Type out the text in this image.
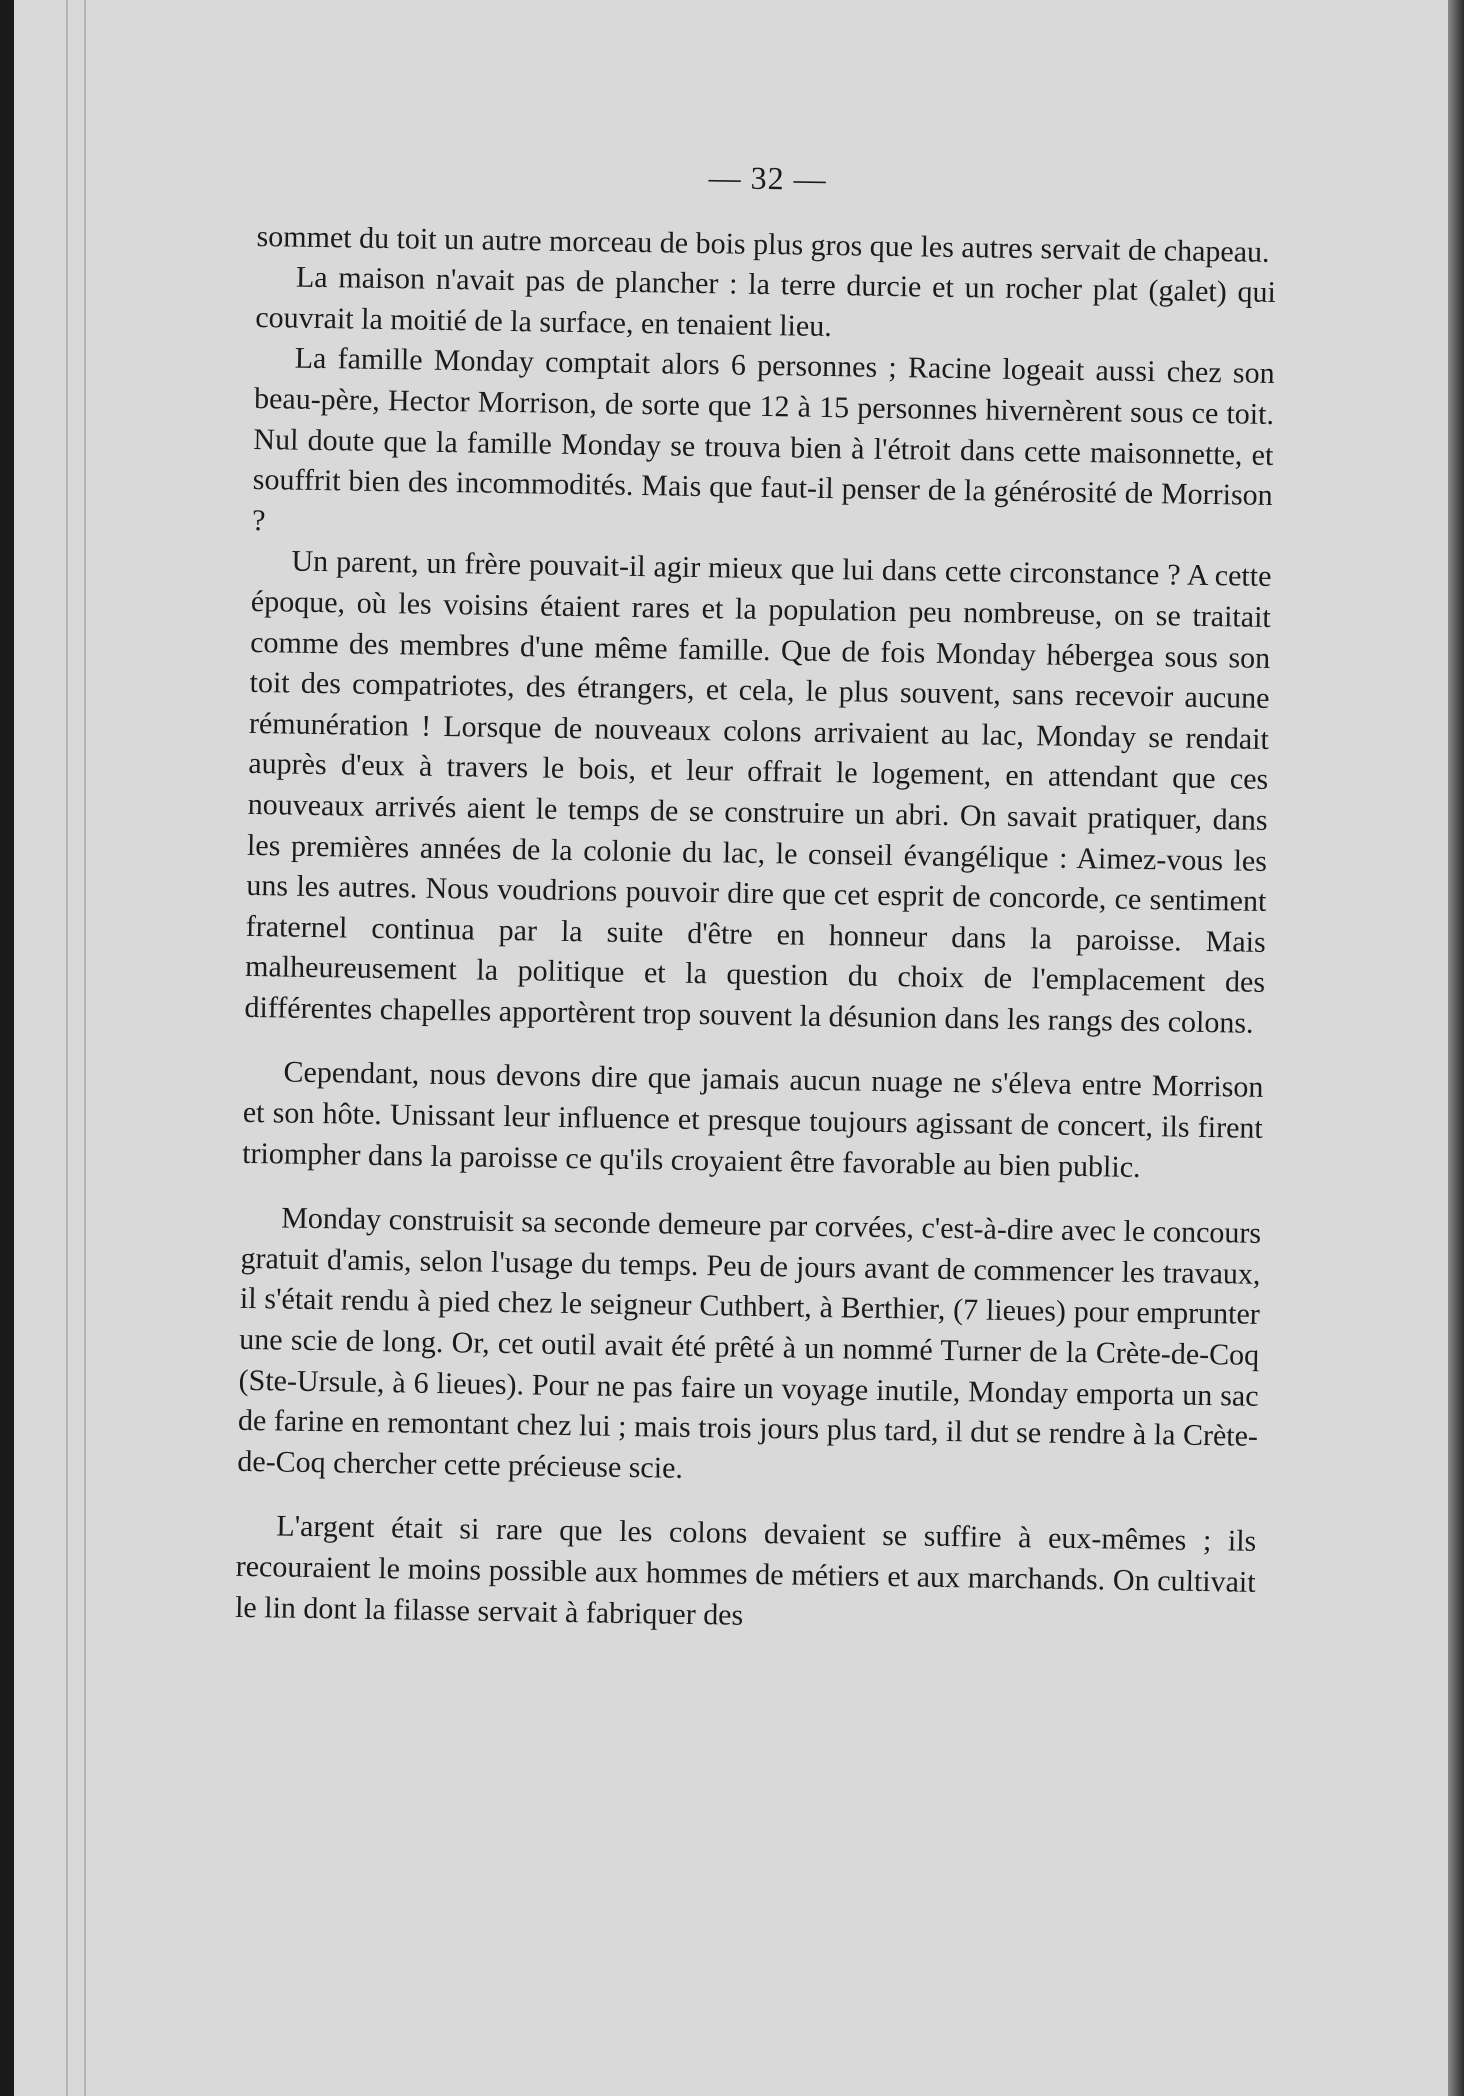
— 32 —

sommet du toit un autre morceau de bois plus gros que les autres servait de chapeau.

La maison n'avait pas de plancher : la terre durcie et un rocher plat (galet) qui couvrait la moitié de la surface, en tenaient lieu.

La famille Monday comptait alors 6 personnes ; Racine logeait aussi chez son beau-père, Hector Morrison, de sorte que 12 à 15 personnes hivernèrent sous ce toit. Nul doute que la famille Monday se trouva bien à l'étroit dans cette maisonnette, et souffrit bien des incommodités. Mais que faut-il penser de la générosité de Morrison ?

Un parent, un frère pouvait-il agir mieux que lui dans cette circonstance ? A cette époque, où les voisins étaient rares et la population peu nombreuse, on se traitait comme des membres d'une même famille. Que de fois Monday hébergea sous son toit des compatriotes, des étrangers, et cela, le plus souvent, sans recevoir aucune rémunération ! Lorsque de nouveaux colons arrivaient au lac, Monday se rendait auprès d'eux à travers le bois, et leur offrait le logement, en attendant que ces nouveaux arrivés aient le temps de se construire un abri. On savait pratiquer, dans les premières années de la colonie du lac, le conseil évangélique : Aimez-vous les uns les autres. Nous voudrions pouvoir dire que cet esprit de concorde, ce sentiment fraternel continua par la suite d'être en honneur dans la paroisse. Mais malheureusement la politique et la question du choix de l'emplacement des différentes chapelles apportèrent trop souvent la désunion dans les rangs des colons.

Cependant, nous devons dire que jamais aucun nuage ne s'éleva entre Morrison et son hôte. Unissant leur influence et presque toujours agissant de concert, ils firent triompher dans la paroisse ce qu'ils croyaient être favorable au bien public.

Monday construisit sa seconde demeure par corvées, c'est-à-dire avec le concours gratuit d'amis, selon l'usage du temps. Peu de jours avant de commencer les travaux, il s'était rendu à pied chez le seigneur Cuthbert, à Berthier, (7 lieues) pour emprunter une scie de long. Or, cet outil avait été prêté à un nommé Turner de la Crète-de-Coq (Ste-Ursule, à 6 lieues). Pour ne pas faire un voyage inutile, Monday emporta un sac de farine en remontant chez lui ; mais trois jours plus tard, il dut se rendre à la Crète-de-Coq chercher cette précieuse scie.

L'argent était si rare que les colons devaient se suffire à eux-mêmes ; ils recouraient le moins possible aux hommes de métiers et aux marchands. On cultivait le lin dont la filasse servait à fabriquer des
